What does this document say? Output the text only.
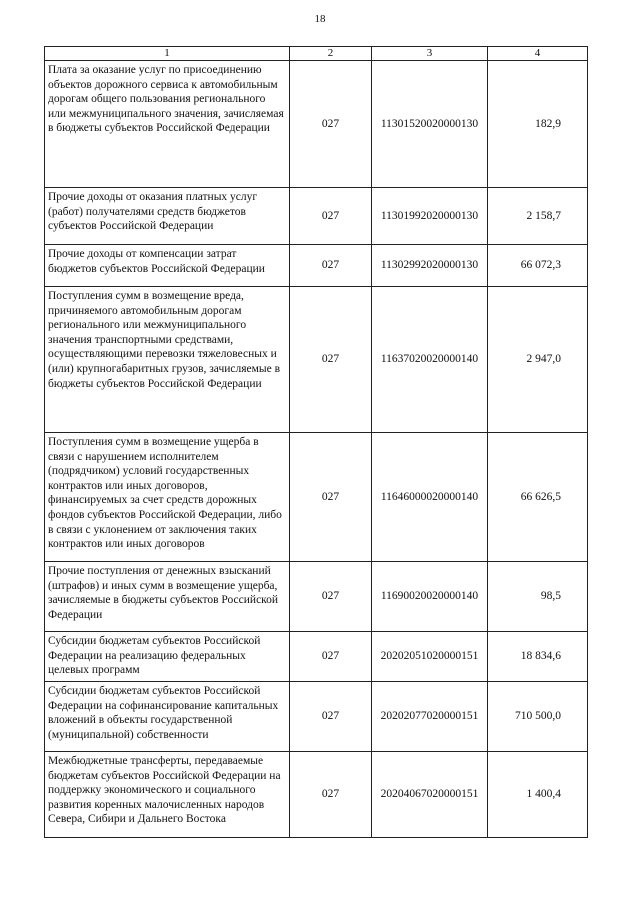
18
1	2	3	4
Плата за оказание услуг по присоединению объектов дорожного сервиса к автомобильным дорогам общего пользования регионального или межмуниципального значения, зачисляемая в бюджеты субъектов Российской Федерации	027	11301520020000130	182,9
Прочие доходы от оказания платных услуг (работ) получателями средств бюджетов субъектов Российской Федерации	027	11301992020000130	2 158,7
Прочие доходы от компенсации затрат бюджетов субъектов Российской Федерации	027	11302992020000130	66 072,3
Поступления сумм в возмещение вреда, причиняемого автомобильным дорогам регионального или межмуниципального значения транспортными средствами, осуществляющими перевозки тяжеловесных и (или) крупногабаритных грузов, зачисляемые в бюджеты субъектов Российской Федерации	027	11637020020000140	2 947,0
Поступления сумм в возмещение ущерба в связи с нарушением исполнителем (подрядчиком) условий государственных контрактов или иных договоров, финансируемых за счет средств дорожных фондов субъектов Российской Федерации, либо в связи с уклонением от заключения таких контрактов или иных договоров	027	11646000020000140	66 626,5
Прочие поступления от денежных взысканий (штрафов) и иных сумм в возмещение ущерба, зачисляемые в бюджеты субъектов Российской Федерации	027	11690020020000140	98,5
Субсидии бюджетам субъектов Российской Федерации на реализацию федеральных целевых программ	027	20202051020000151	18 834,6
Субсидии бюджетам субъектов Российской Федерации на софинансирование капитальных вложений в объекты государственной (муниципальной) собственности	027	20202077020000151	710 500,0
Межбюджетные трансферты, передаваемые бюджетам субъектов Российской Федерации на поддержку экономического и социального развития коренных малочисленных народов Севера, Сибири и Дальнего Востока	027	20204067020000151	1 400,4
